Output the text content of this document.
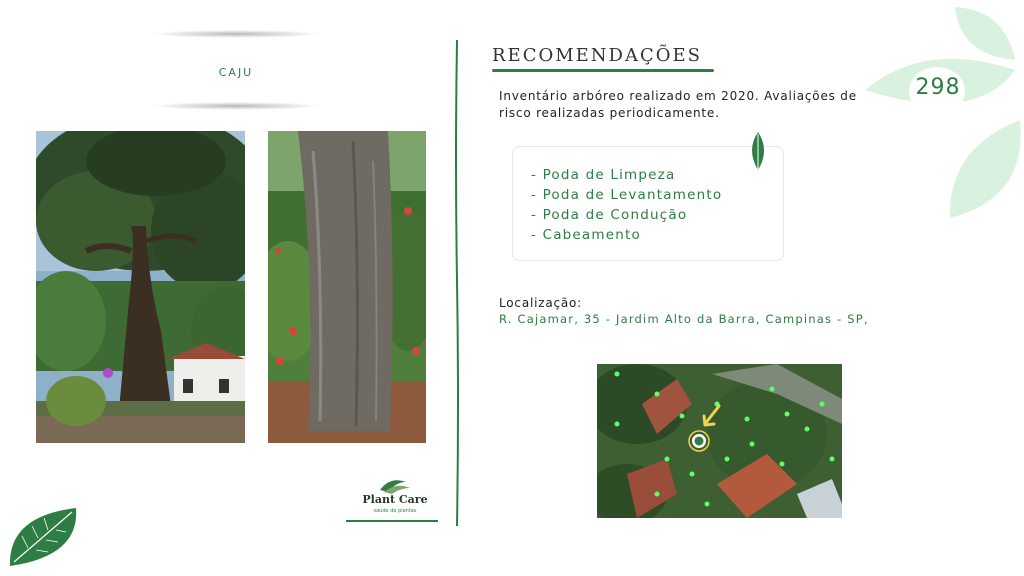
CAJU
RECOMENDAÇÕES
Inventário arbóreo realizado em 2020. Avaliações de risco realizadas periodicamente.
- Poda de Limpeza
- Poda de Levantamento
- Poda de Condução
- Cabeamento
Localização:
R. Cajamar, 35 - Jardim Alto da Barra, Campinas - SP,
298
Plant Care
saúde de plantas
